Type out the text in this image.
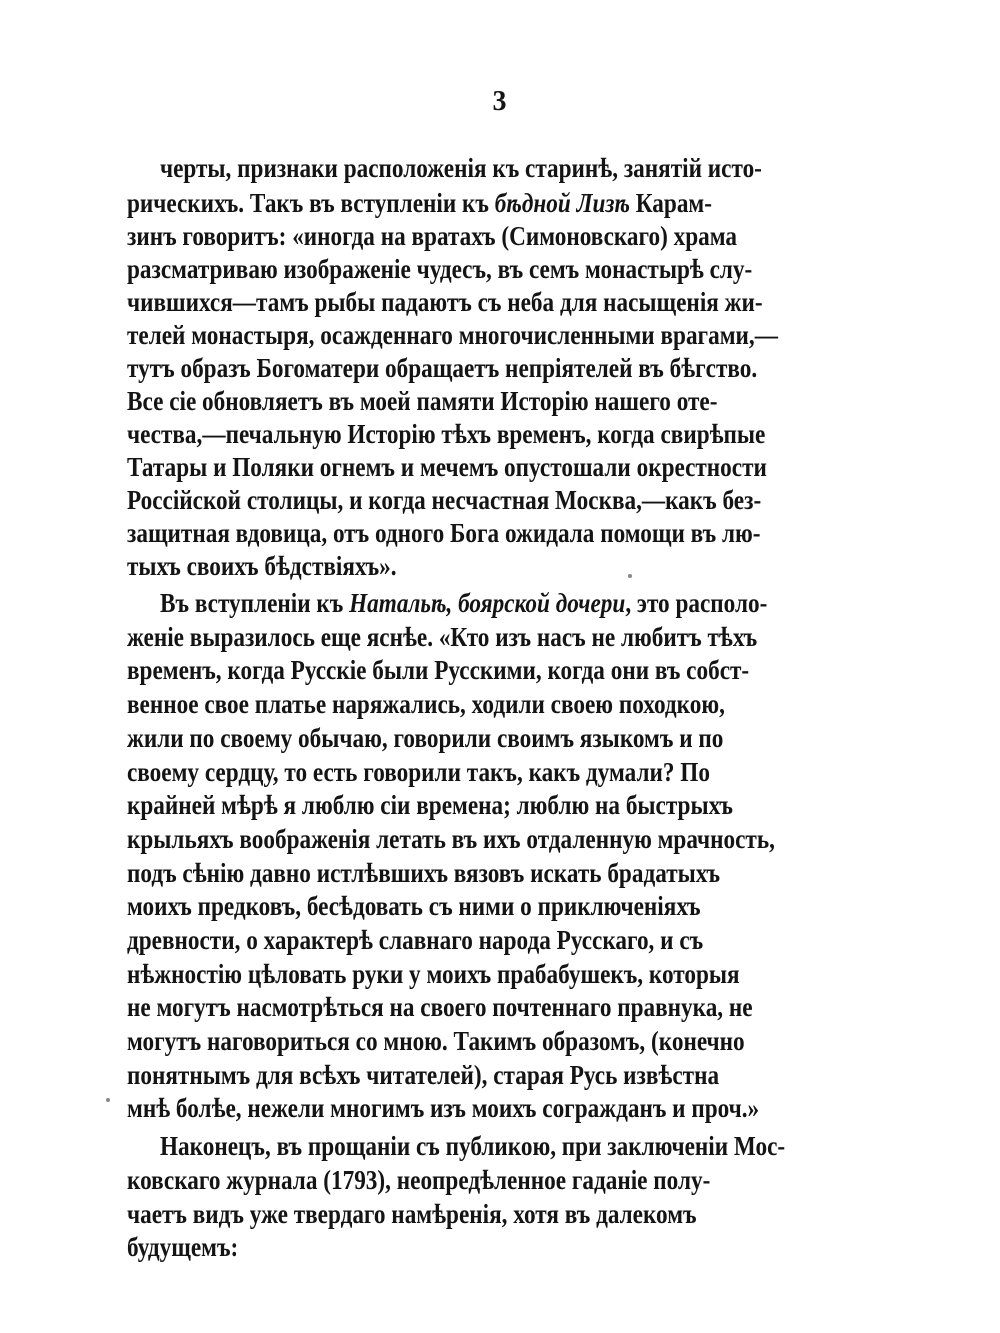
3
черты, признаки расположенія къ старинѣ, занятій исто-
рическихъ. Такъ въ вступленіи къ бѣдной Лизѣ Карам-
зинъ говоритъ: «иногда на вратахъ (Симоновскаго) храма
разсматриваю изображеніе чудесъ, въ семъ монастырѣ слу-
чившихся—тамъ рыбы падаютъ съ неба для насыщенія жи-
телей монастыря, осажденнаго многочисленными врагами,—
тутъ образъ Богоматери обращаетъ непріятелей въ бѣгство.
Все сіе обновляетъ въ моей памяти Исторію нашего оте-
чества,—печальную Исторію тѣхъ временъ, когда свирѣпые
Татары и Поляки огнемъ и мечемъ опустошали окрестности
Россійской столицы, и когда несчастная Москва,—какъ без-
защитная вдовица, отъ одного Бога ожидала помощи въ лю-
тыхъ своихъ бѣдствіяхъ».
Въ вступленіи къ Натальѣ, боярской дочери, это располо-
женіе выразилось еще яснѣе. «Кто изъ насъ не любитъ тѣхъ
временъ, когда Русскіе были Русскими, когда они въ собст-
венное свое платье наряжались, ходили своею походкою,
жили по своему обычаю, говорили своимъ языкомъ и по
своему сердцу, то есть говорили такъ, какъ думали? По
крайней мѣрѣ я люблю сіи времена; люблю на быстрыхъ
крыльяхъ воображенія летать въ ихъ отдаленную мрачность,
подъ сѣнію давно истлѣвшихъ вязовъ искать брадатыхъ
моихъ предковъ, бесѣдовать съ ними о приключеніяхъ
древности, о характерѣ славнаго народа Русскаго, и съ
нѣжностію цѣловать руки у моихъ прабабушекъ, которыя
не могутъ насмотрѣться на своего почтеннаго правнука, не
могутъ наговориться со мною. Такимъ образомъ, (конечно
понятнымъ для всѣхъ читателей), старая Русь извѣстна
мнѣ болѣе, нежели многимъ изъ моихъ согражданъ и проч.»
Наконецъ, въ прощаніи съ публикою, при заключеніи Мос-
ковскаго журнала (1793), неопредѣленное гаданіе полу-
чаетъ видъ уже твердаго намѣренія, хотя въ далекомъ
будущемъ:
